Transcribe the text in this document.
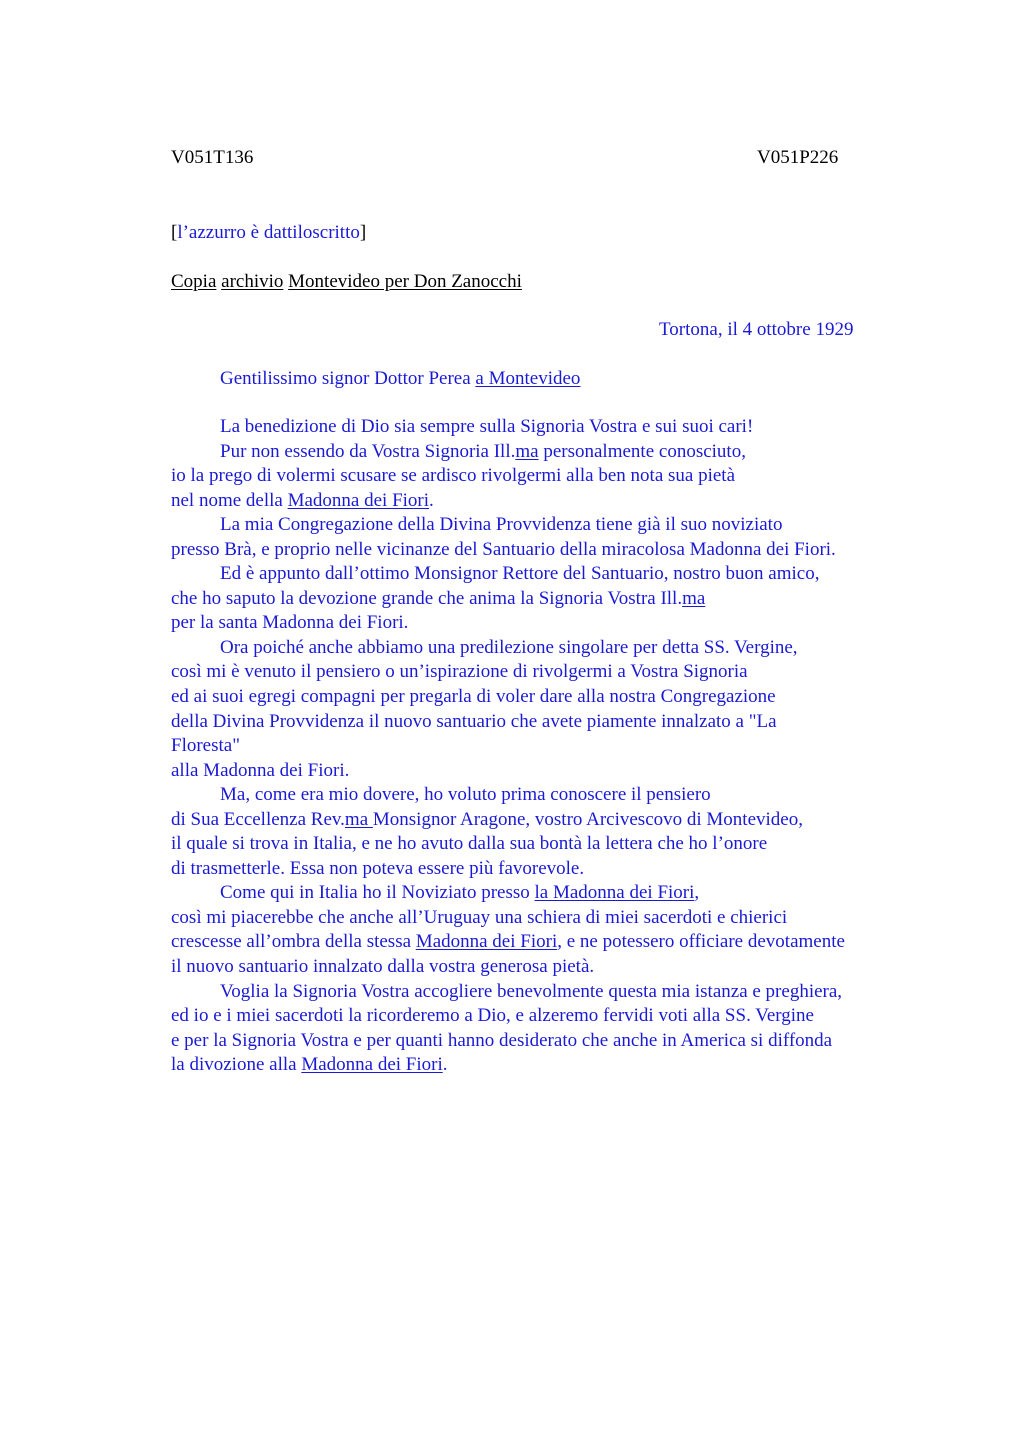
V051T136	V051P226
[l’azzurro è dattiloscritto]
Copia archivio Montevideo per Don Zanocchi
Tortona, il 4 ottobre 1929
Gentilissimo signor Dottor Perea a Montevideo
La benedizione di Dio sia sempre sulla Signoria Vostra e sui suoi cari!
Pur non essendo da Vostra Signoria Ill.ma personalmente conosciuto,
io la prego di volermi scusare se ardisco rivolgermi alla ben nota sua pietà
nel nome della Madonna dei Fiori.
La mia Congregazione della Divina Provvidenza tiene già il suo noviziato
presso Brà, e proprio nelle vicinanze del Santuario della miracolosa Madonna dei Fiori.
Ed è appunto dall’ottimo Monsignor Rettore del Santuario, nostro buon amico,
che ho saputo la devozione grande che anima la Signoria Vostra Ill.ma
per la santa Madonna dei Fiori.
Ora poiché anche abbiamo una predilezione singolare per detta SS. Vergine,
così mi è venuto il pensiero o un’ispirazione di rivolgermi a Vostra Signoria
ed ai suoi egregi compagni per pregarla di voler dare alla nostra Congregazione
della Divina Provvidenza il nuovo santuario che avete piamente innalzato a "La
Floresta"
alla Madonna dei Fiori.
Ma, come era mio dovere, ho voluto prima conoscere il pensiero
di Sua Eccellenza Rev.ma Monsignor Aragone, vostro Arcivescovo di Montevideo,
il quale si trova in Italia, e ne ho avuto dalla sua bontà la lettera che ho l’onore
di trasmetterle. Essa non poteva essere più favorevole.
Come qui in Italia ho il Noviziato presso la Madonna dei Fiori,
così mi piacerebbe che anche all’Uruguay una schiera di miei sacerdoti e chierici
crescesse all’ombra della stessa Madonna dei Fiori, e ne potessero officiare devotamente
il nuovo santuario innalzato dalla vostra generosa pietà.
Voglia la Signoria Vostra accogliere benevolmente questa mia istanza e preghiera,
ed io e i miei sacerdoti la ricorderemo a Dio, e alzeremo fervidi voti alla SS. Vergine
e per la Signoria Vostra e per quanti hanno desiderato che anche in America si diffonda
la divozione alla Madonna dei Fiori.
